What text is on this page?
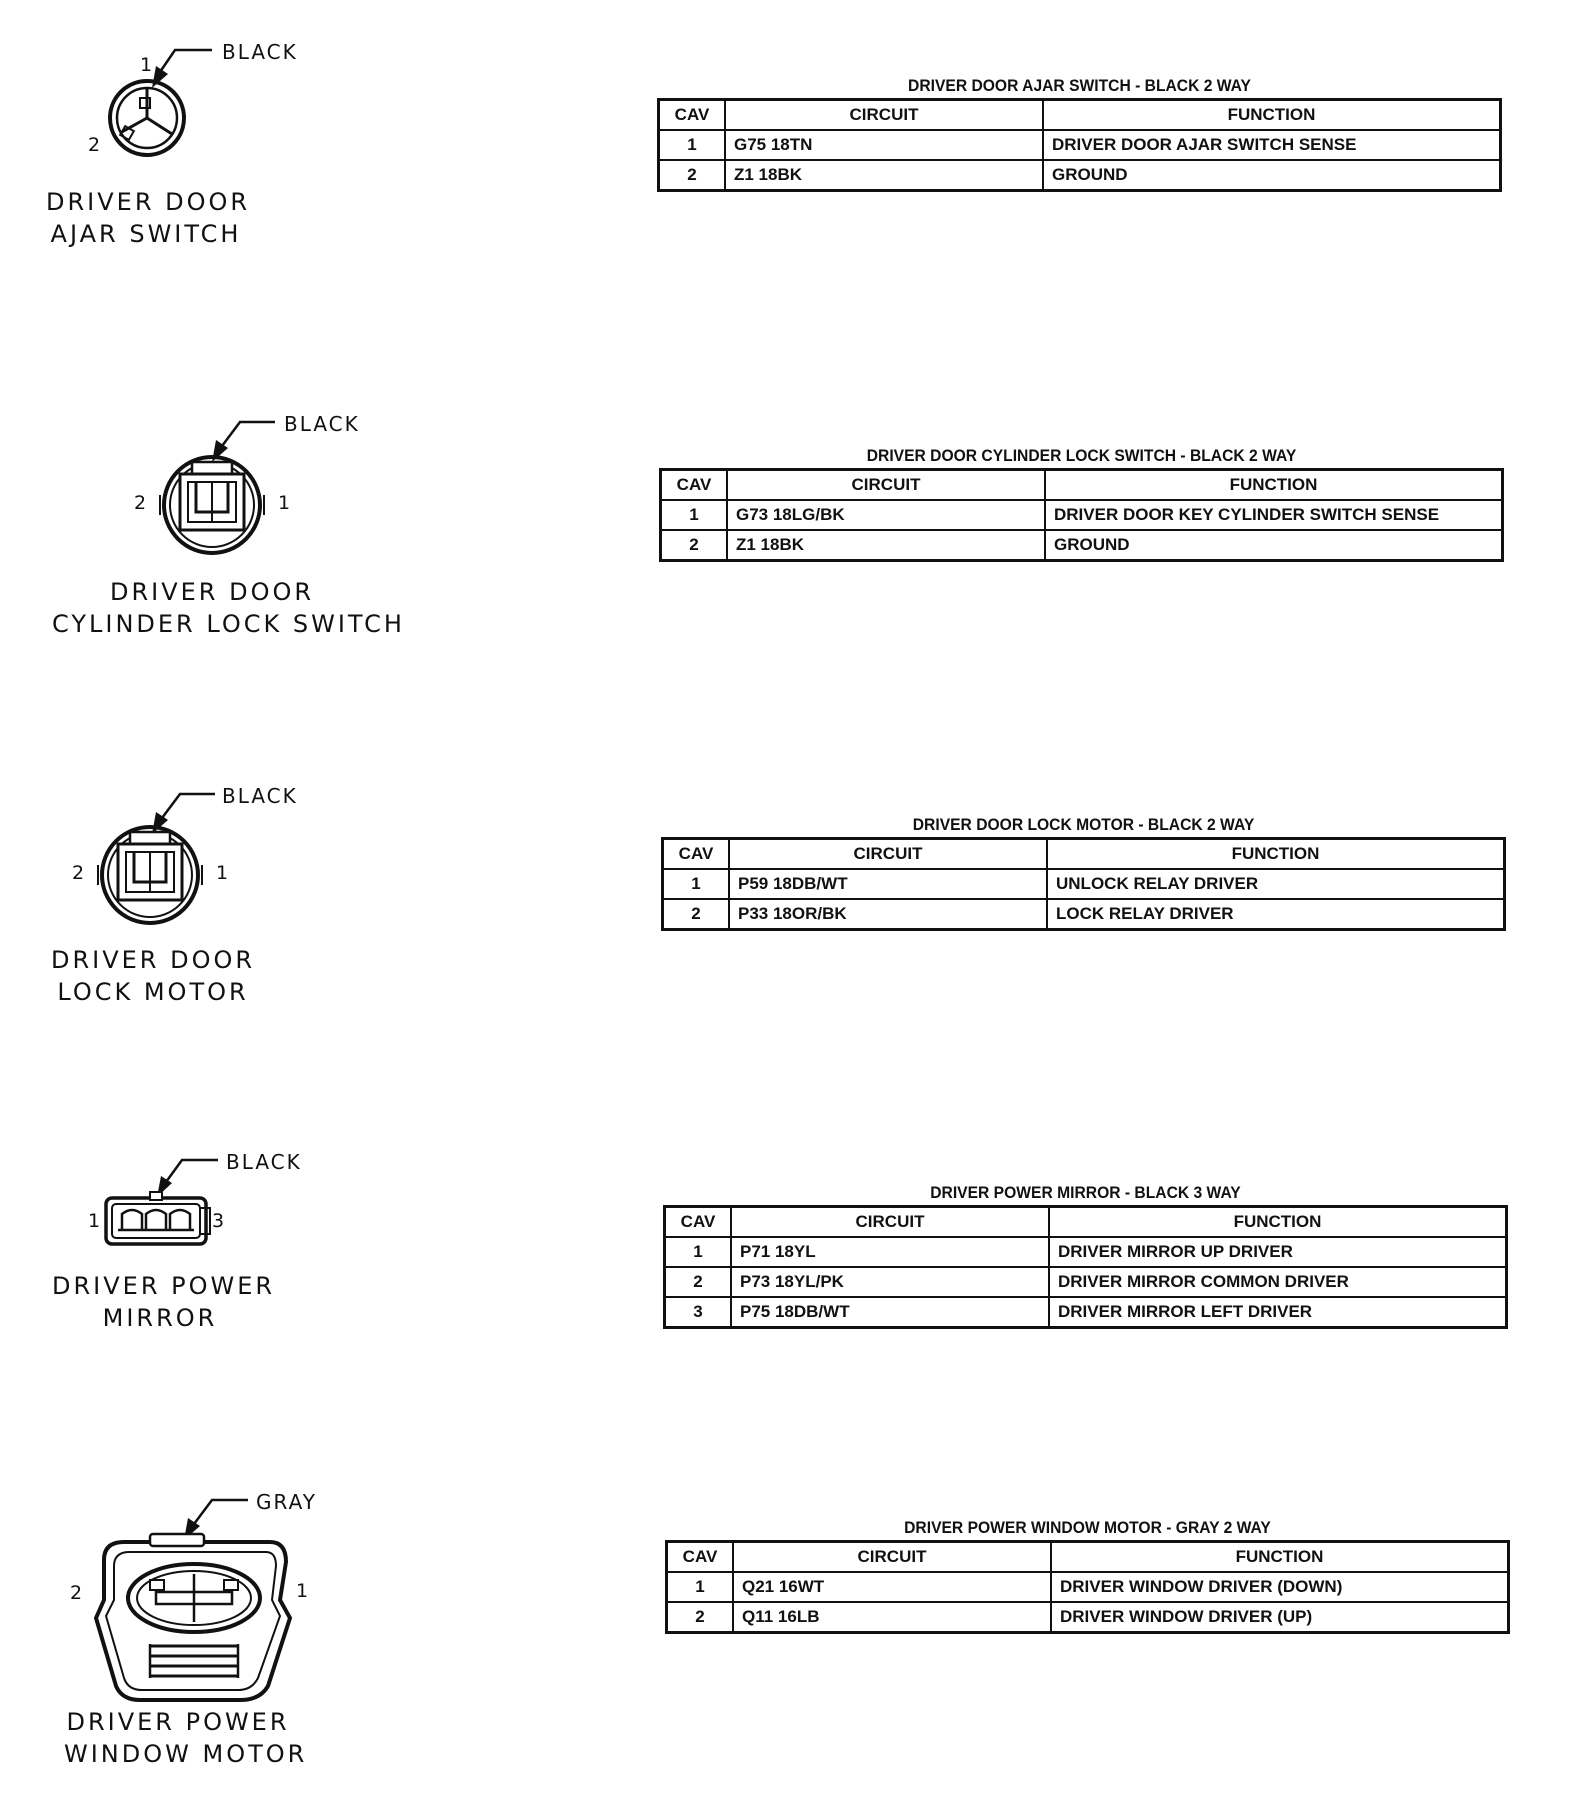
BLACK
1
2
DRIVER DOOR
AJAR SWITCH
DRIVER DOOR AJAR SWITCH - BLACK 2 WAY
CAV	CIRCUIT	FUNCTION
1	G75 18TN	DRIVER DOOR AJAR SWITCH SENSE
2	Z1 18BK	GROUND
BLACK
2	1
DRIVER DOOR
CYLINDER LOCK SWITCH
DRIVER DOOR CYLINDER LOCK SWITCH - BLACK 2 WAY
CAV	CIRCUIT	FUNCTION
1	G73 18LG/BK	DRIVER DOOR KEY CYLINDER SWITCH SENSE
2	Z1 18BK	GROUND
BLACK
2	1
DRIVER DOOR
LOCK MOTOR
DRIVER DOOR LOCK MOTOR - BLACK 2 WAY
CAV	CIRCUIT	FUNCTION
1	P59 18DB/WT	UNLOCK RELAY DRIVER
2	P33 18OR/BK	LOCK RELAY DRIVER
BLACK
1	3
DRIVER POWER
MIRROR
DRIVER POWER MIRROR - BLACK 3 WAY
CAV	CIRCUIT	FUNCTION
1	P71 18YL	DRIVER MIRROR UP DRIVER
2	P73 18YL/PK	DRIVER MIRROR COMMON DRIVER
3	P75 18DB/WT	DRIVER MIRROR LEFT DRIVER
GRAY
2	1
DRIVER POWER
WINDOW MOTOR
DRIVER POWER WINDOW MOTOR - GRAY 2 WAY
CAV	CIRCUIT	FUNCTION
1	Q21 16WT	DRIVER WINDOW DRIVER (DOWN)
2	Q11 16LB	DRIVER WINDOW DRIVER (UP)
